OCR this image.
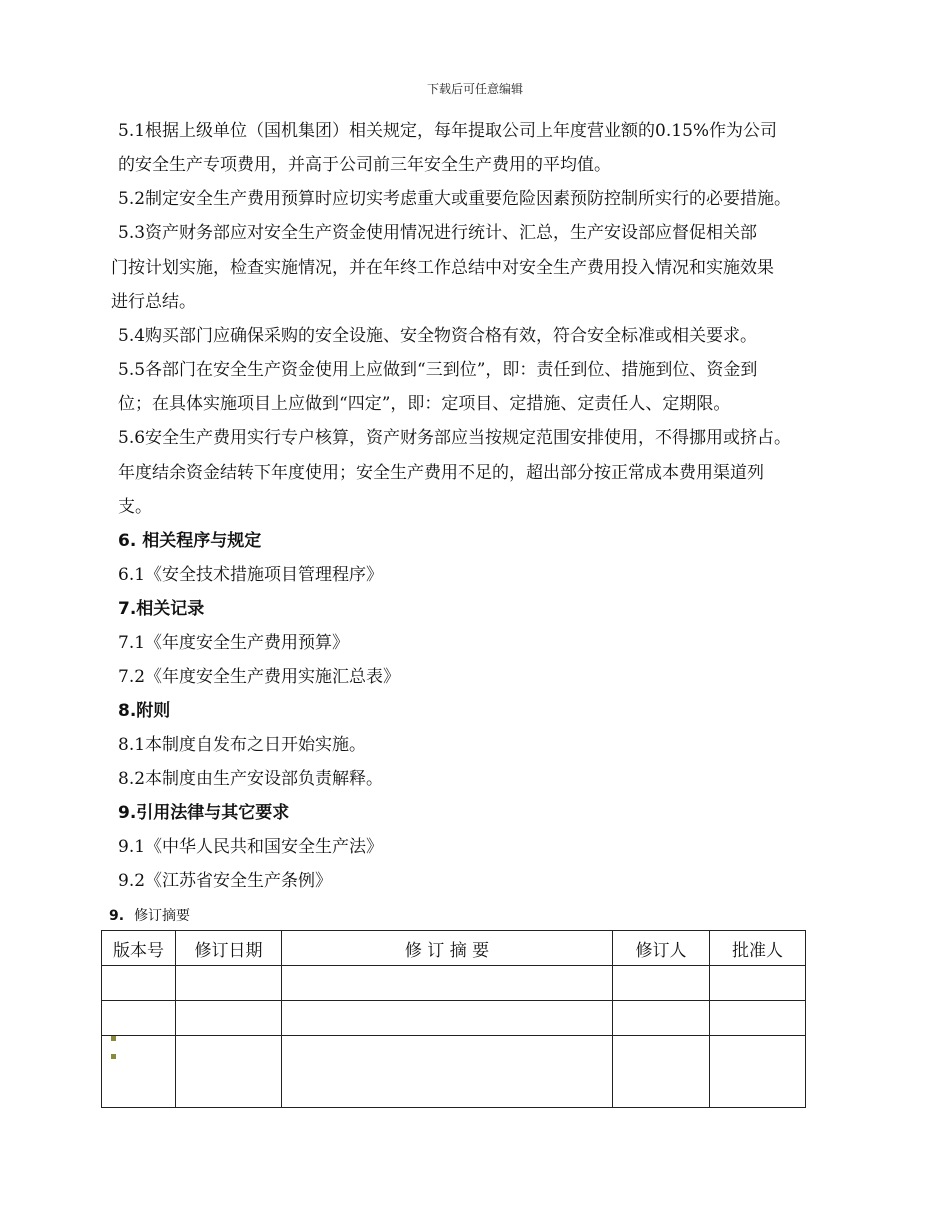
下载后可任意编辑
5.1根据上级单位（国机集团）相关规定，每年提取公司上年度营业额的0.15%作为公司
的安全生产专项费用，并高于公司前三年安全生产费用的平均值。
5.2制定安全生产费用预算时应切实考虑重大或重要危险因素预防控制所实行的必要措施。
5.3资产财务部应对安全生产资金使用情况进行统计、汇总，生产安设部应督促相关部
门按计划实施，检查实施情况，并在年终工作总结中对安全生产费用投入情况和实施效果
进行总结。
5.4购买部门应确保采购的安全设施、安全物资合格有效，符合安全标准或相关要求。
5.5各部门在安全生产资金使用上应做到“三到位”，即：责任到位、措施到位、资金到
位；在具体实施项目上应做到“四定”，即：定项目、定措施、定责任人、定期限。
5.6安全生产费用实行专户核算，资产财务部应当按规定范围安排使用，不得挪用或挤占。
年度结余资金结转下年度使用；安全生产费用不足的，超出部分按正常成本费用渠道列
支。
6. 相关程序与规定
6.1《安全技术措施项目管理程序》
7.相关记录
7.1《年度安全生产费用预算》
7.2《年度安全生产费用实施汇总表》
8.附则
8.1本制度自发布之日开始实施。
8.2本制度由生产安设部负责解释。
9.引用法律与其它要求
9.1《中华人民共和国安全生产法》
9.2《江苏省安全生产条例》
9. 修订摘要
版本号	修订日期	修 订 摘 要	修订人	批准人
